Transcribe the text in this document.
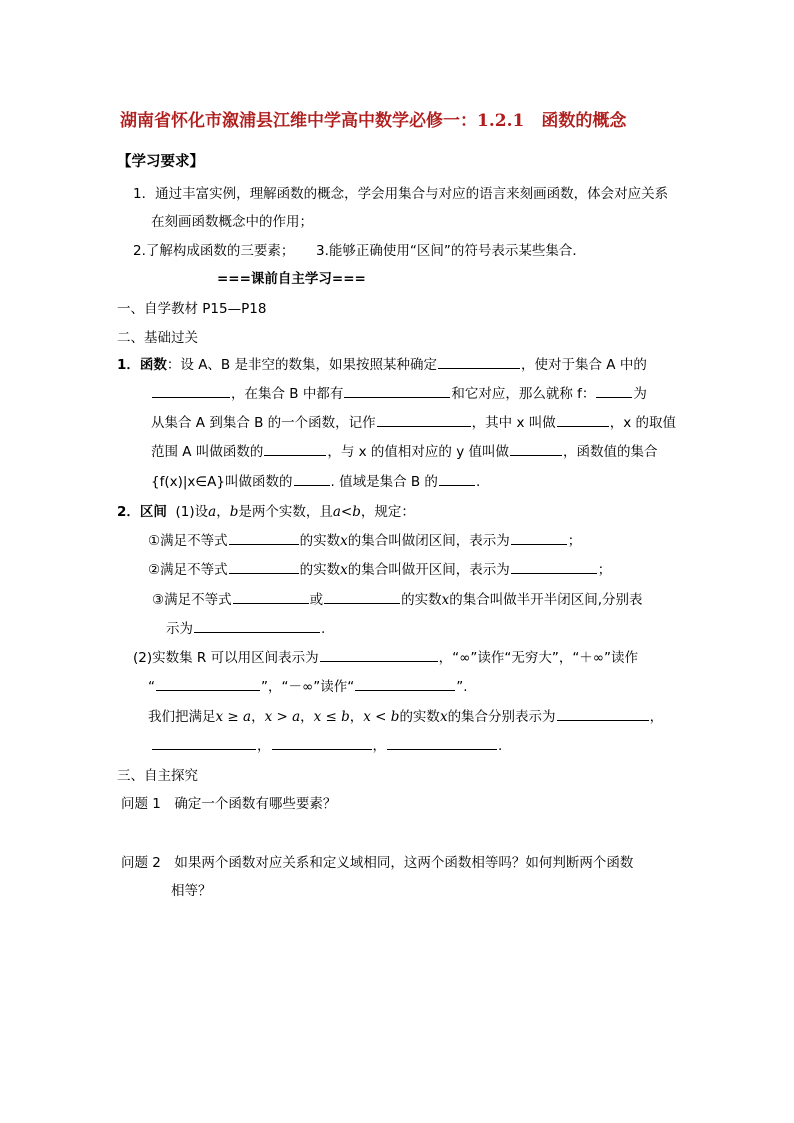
湖南省怀化市溆浦县江维中学高中数学必修一：1.2.1　函数的概念
【学习要求】
1．通过丰富实例，理解函数的概念，学会用集合与对应的语言来刻画函数，体会对应关系
在刻画函数概念中的作用；
2.了解构成函数的三要素； 3.能够正确使用“区间”的符号表示某些集合．
===课前自主学习===
一、自学教材 P15—P18
二、基础过关
1．函数：设 A、B 是非空的数集，如果按照某种确定	，使对于集合 A 中的
，在集合 B 中都有	和它对应，那么就称 f：	为
从集合 A 到集合 B 的一个函数，记作	，其中 x 叫做	，x 的取值
范围 A 叫做函数的	，与 x 的值相对应的 y 值叫做	，函数值的集合
{f(x)|x∈A}叫做函数的	. 值域是集合 B 的	.
2．区间 (1)设a，b是两个实数，且a<b，规定：
①满足不等式	的实数x的集合叫做闭区间，表示为	；
②满足不等式	的实数x的集合叫做开区间，表示为	；
③满足不等式	或	的实数x的集合叫做半开半闭区间,分别表
示为	.
(2)实数集 R 可以用区间表示为	，“∞”读作“无穷大”，“＋∞”读作
“	”，“－∞”读作“	”.
我们把满足x ≥ a，x > a，x ≤ b，x < b的实数x的集合分别表示为	，
，	，	.
三、自主探究
问题 1　确定一个函数有哪些要素？
问题 2　如果两个函数对应关系和定义域相同，这两个函数相等吗？如何判断两个函数
相等？
